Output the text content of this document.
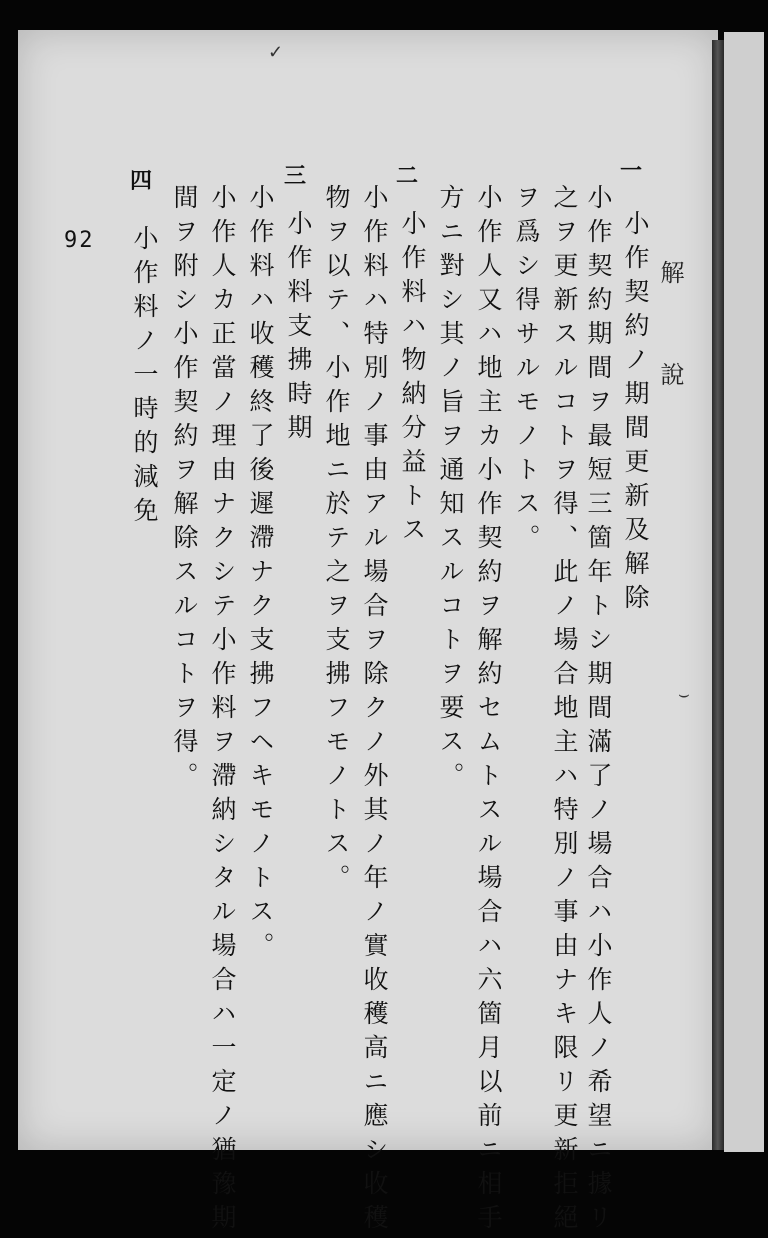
解
說
一
二
三
四
小作契約ノ期間更新及解除
小作契約期間ヲ最短三箇年トシ期間滿了ノ場合ハ小作人ノ希望ニ據リ
之ヲ更新スルコトヲ得、此ノ場合地主ハ特別ノ事由ナキ限リ更新拒絕
ヲ爲シ得サルモノトス。
小作人又ハ地主カ小作契約ヲ解約セムトスル場合ハ六箇月以前ニ相手
方ニ對シ其ノ旨ヲ通知スルコトヲ要ス。
小作料ハ物納分益トス
小作料ハ特別ノ事由アル場合ヲ除クノ外其ノ年ノ實收穫高ニ應シ收穫
物ヲ以テ、小作地ニ於テ之ヲ支拂フモノトス。
小作料支拂時期
小作料ハ收穫終了後遲滯ナク支拂フヘキモノトス。
小作人カ正當ノ理由ナクシテ小作料ヲ滯納シタル場合ハ一定ノ猶豫期
間ヲ附シ小作契約ヲ解除スルコトヲ得。
小作料ノ一時的減免
92
✓
⌣
